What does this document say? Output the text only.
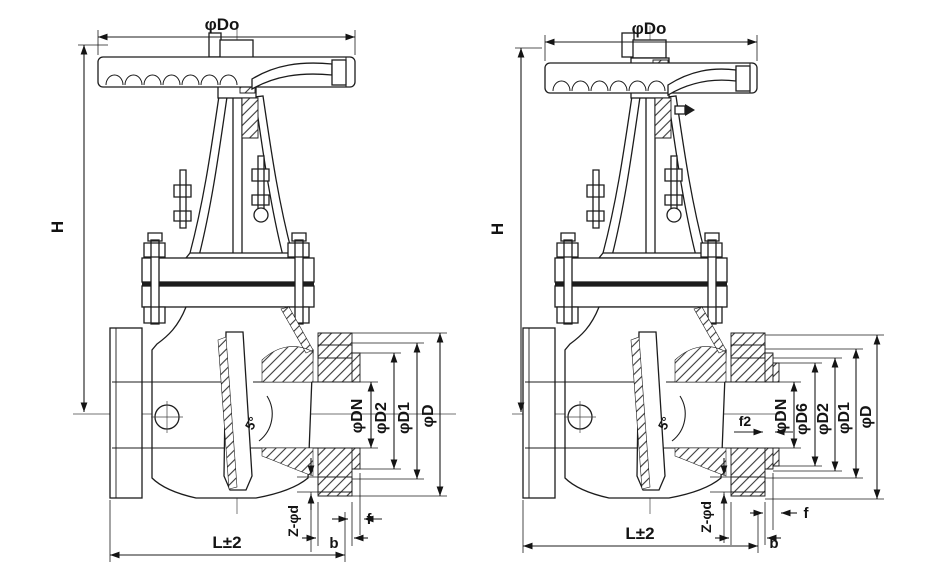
φDo
H
φDN φD2 φD1 φD
L±2
Z-φd
b
f
5°
φDo
H
φDN φD6 φD2 φD1 φD
L±2
Z-φd
b
f
f2
5°
